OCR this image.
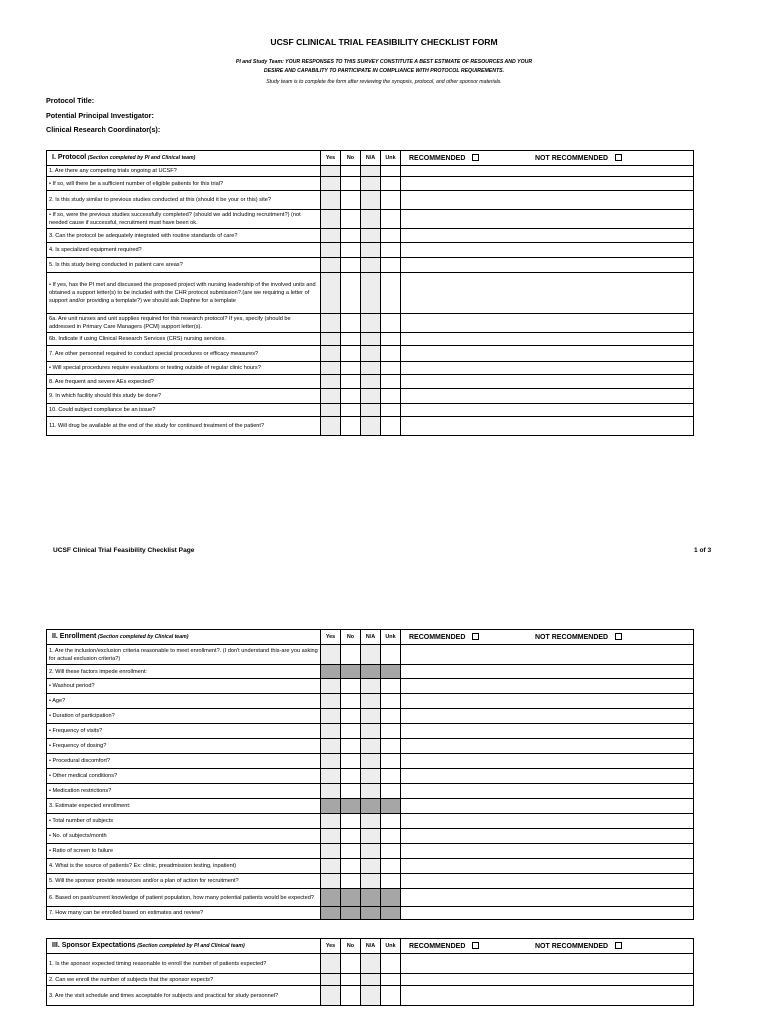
UCSF CLINICAL TRIAL FEASIBILITY CHECKLIST FORM
PI and Study Team: YOUR RESPONSES TO THIS SURVEY CONSTITUTE A BEST ESTIMATE OF RESOURCES AND YOUR
DESIRE AND CAPABILITY TO PARTICIPATE IN COMPLIANCE WITH PROTOCOL REQUIREMENTS.
Study team is to complete the form after reviewing the synopsis, protocol, and other sponsor materials.
Protocol Title:
Potential Principal Investigator:
Clinical Research Coordinator(s):
I. Protocol (Section completed by PI and Clinical team)	Yes	No	N/A	Unk	RECOMMENDED NOT RECOMMENDED

1. Are there any competing trials ongoing at UCSF?					
• If so, will there be a sufficient number of eligible patients for this trial?					
2. Is this study similar to previous studies conducted at this (should it be your or this) site?					
• If so, were the previous studies successfully completed? (should we add including recruitment?) (not needed cause if successful, recruitment must have been ok.					
3. Can the protocol be adequately integrated with routine standards of care?					
4. Is specialized equipment required?					
5. Is this study being conducted in patient care areas?					
• If yes, has the PI met and discussed the proposed project with nursing leadership of the involved units and obtained a support letter(s) to be included with the CHR protocol submission?.(are we requiring a letter of support and/or providing a template?) we should ask Daphne for a template					
6a. Are unit nurses and unit supplies required for this research protocol? If yes, specify (should be addressed in Primary Care Managers (PCM) support letter(s).					
6b. Indicate if using Clinical Research Services (CRS) nursing services.					
7. Are other personnel required to conduct special procedures or efficacy measures?					
• Will special procedures require evaluations or testing outside of regular clinic hours?					
8. Are frequent and severe AEs expected?					
9. In which facility should this study be done?					
10. Could subject compliance be an issue?					
11. Will drug be available at the end of the study for continued treatment of the patient?					
UCSF Clinical Trial Feasibility Checklist Page	1 of 3
II. Enrollment (Section completed by Clinical team)	Yes	No	N/A	Unk	RECOMMENDED NOT RECOMMENDED

1. Are the inclusion/exclusion criteria reasonable to meet enrollment?. (I don't understand this-are you asking for actual exclusion criteria?)					
2. Will these factors impede enrollment:					
• Washout period?					
• Age?					
• Duration of participation?					
• Frequency of visits?					
• Frequency of dosing?					
• Procedural discomfort?					
• Other medical conditions?					
• Medication restrictions?					
3. Estimate expected enrollment:					
• Total number of subjects					
• No. of subjects/month					
• Ratio of screen to failure					
4. What is the source of patients? Ex: clinic, preadmission testing, inpatient)					
5. Will the sponsor provide resources and/or a plan of action for recruitment?					
6. Based on past/current knowledge of patient population, how many potential patients would be expected?					
7. How many can be enrolled based on estimates and review?					
III. Sponsor Expectations (Section completed by PI and Clinical team)	Yes	No	N/A	Unk	RECOMMENDED NOT RECOMMENDED

1. Is the sponsor expected timing reasonable to enroll the number of patients expected?					
2. Can we enroll the number of subjects that the sponsor expects?					
3. Are the visit schedule and times acceptable for subjects and practical for study personnel?					
